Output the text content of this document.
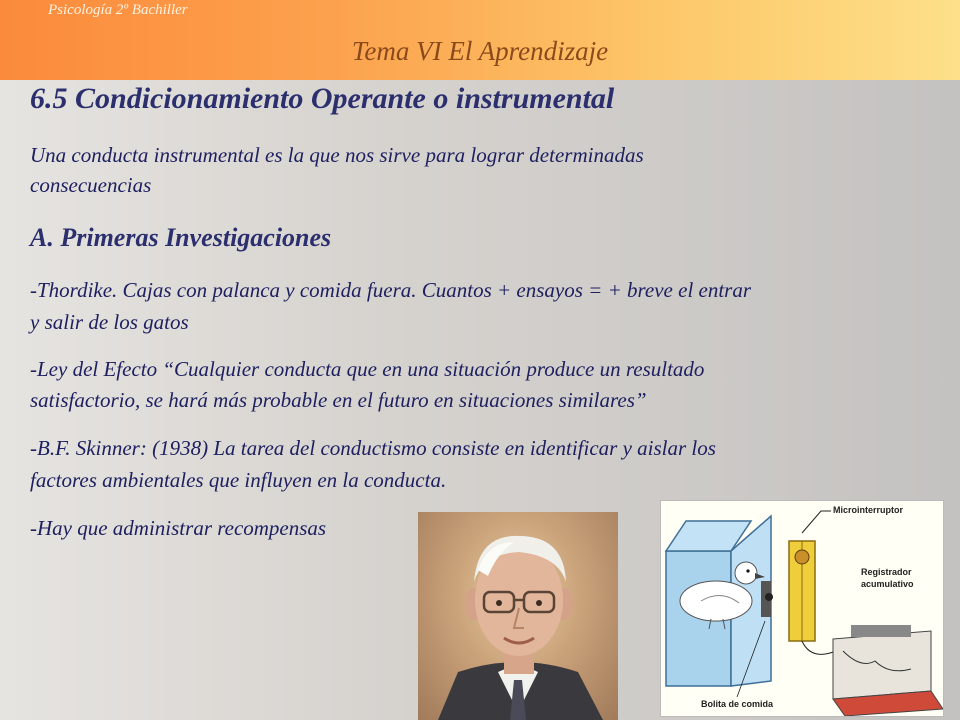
Psicología 2º Bachiller
Tema VI El Aprendizaje
6.5 Condicionamiento Operante o instrumental

Una conducta instrumental es la que nos sirve para lograr determinadas

consecuencias

A. Primeras Investigaciones

-Thordike. Cajas con palanca y comida fuera. Cuantos + ensayos = + breve el entrar

y salir de los gatos

-Ley del Efecto “Cualquier conducta que en una situación produce un resultado

satisfactorio, se hará más probable en el futuro en situaciones similares”

-B.F. Skinner: (1938) La tarea del conductismo consiste en identificar y aislar los

factores ambientales que influyen en la conducta.

-Hay que administrar recompensas

Microinterruptor
Registrador
acumulativo
Bolita de comida
